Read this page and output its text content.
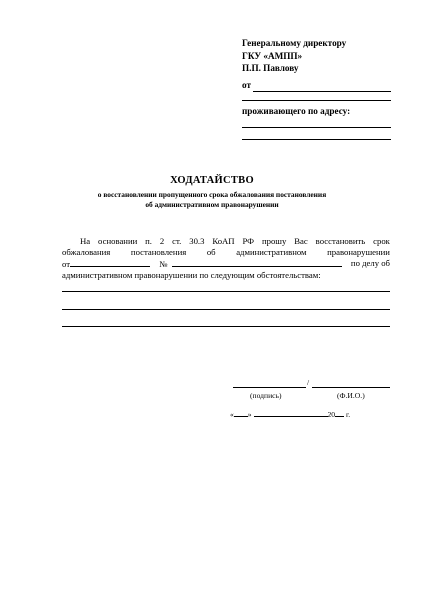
Генеральному директору
ГКУ «АМПП»
П.П. Павлову
от
проживающего по адресу:
ХОДАТАЙСТВО
о восстановлении пропущенного срока обжалования постановления
об административном правонарушении
На основании п. 2 ст. 30.3 КоАП РФ прошу Вас восстановить срок
обжалования постановления об административном правонарушении
от	№	по делу об
административном правонарушении по следующим обстоятельствам:
/
(подпись)	(Ф.И.О.)
« »	20 г.
